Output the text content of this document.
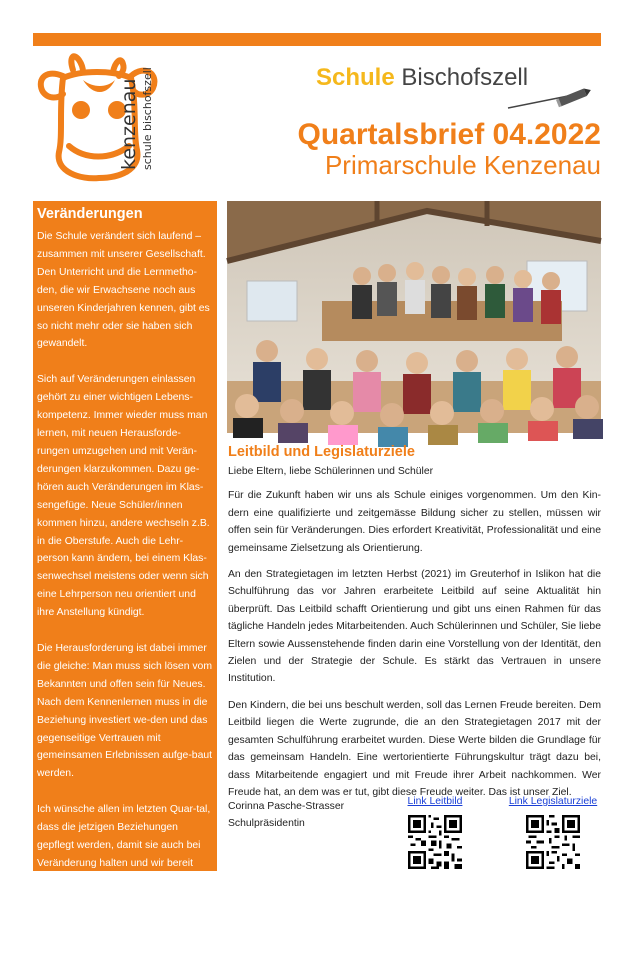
kenzenau schule bischofszell	Schule Bischofszell
Quartalsbrief 04.2022
Primarschule Kenzenau
Veränderungen

Die Schule verändert sich laufend – zusammen mit unserer Gesellschaft. Den Unterricht und die Lernmetho-den, die wir Erwachsene noch aus unseren Kinderjahren kennen, gibt es so nicht mehr oder sie haben sich gewandelt.

Sich auf Veränderungen einlassen gehört zu einer wichtigen Lebens-kompetenz. Immer wieder muss man lernen, mit neuen Herausforde-rungen umzugehen und mit Verän-derungen klarzukommen. Dazu ge-hören auch Veränderungen im Klas-sengefüge. Neue Schüler/innen kommen hinzu, andere wechseln z.B. in die Oberstufe. Auch die Lehr-person kann ändern, bei einem Klas-senwechsel meistens oder wenn sich eine Lehrperson neu orientiert und ihre Anstellung kündigt.

Die Herausforderung ist dabei immer die gleiche: Man muss sich lösen vom Bekannten und offen sein für Neues. Nach dem Kennenlernen muss in die Beziehung investiert we-den und das gegenseitige Vertrauen mit gemeinsamen Erlebnissen aufge-baut werden.

Ich wünsche allen im letzten Quar-tal, dass die jetzigen Beziehungen gepflegt werden, damit sie auch bei Veränderung halten und wir bereit sind für Neues.

Herzlichst
Michael Knechtle, Schulleiter
Leitbild und Legislaturziele

Liebe Eltern, liebe Schülerinnen und Schüler

Für die Zukunft haben wir uns als Schule einiges vorgenommen. Um den Kin-dern eine qualifizierte und zeitgemässe Bildung sicher zu stellen, müssen wir offen sein für Veränderungen. Dies erfordert Kreativität, Professionalität und eine gemeinsame Zielsetzung als Orientierung.

An den Strategietagen im letzten Herbst (2021) im Greuterhof in Islikon hat die Schulführung das vor Jahren erarbeitete Leitbild auf seine Aktualität hin überprüft. Das Leitbild schafft Orientierung und gibt uns einen Rahmen für das tägliche Handeln jedes Mitarbeitenden. Auch Schülerinnen und Schüler, Sie liebe Eltern sowie Aussenstehende finden darin eine Vorstellung von der Identität, den Zielen und der Strategie der Schule. Es stärkt das Vertrauen in unsere Institution.

Den Kindern, die bei uns beschult werden, soll das Lernen Freude bereiten. Dem Leitbild liegen die Werte zugrunde, die an den Strategietagen 2017 mit der gesamten Schulführung erarbeitet wurden. Diese Werte bilden die Grundlage für das gemeinsam Handeln. Eine wertorientierte Führungskultur trägt dazu bei, dass Mitarbeitende engagiert und mit Freude ihrer Arbeit nachkommen. Wer Freude hat, an dem was er tut, gibt diese Freude weiter. Das ist unser Ziel.

Corinna Pasche-Strasser
Schulpräsidentin
Link Leitbild	Link Legislaturziele
